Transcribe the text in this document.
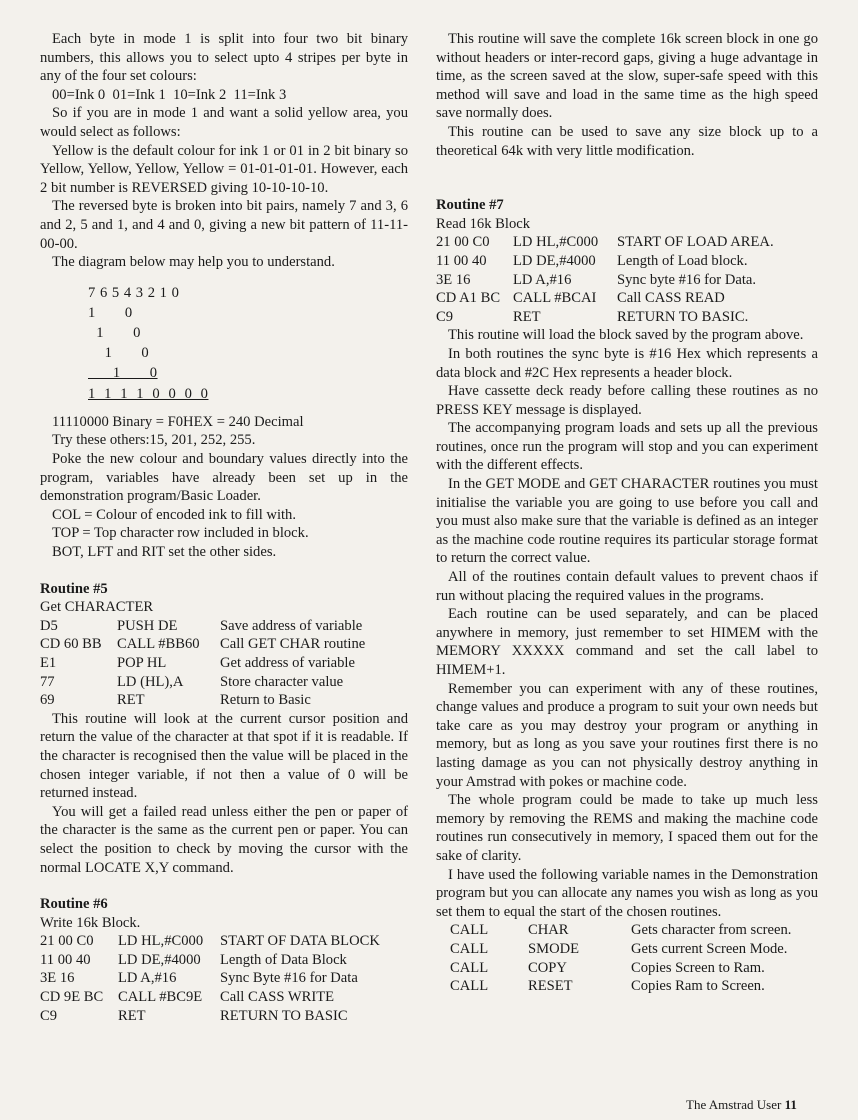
Each byte in mode 1 is split into four two bit binary numbers, this allows you to select upto 4 stripes per byte in any of the four set colours:

00=Ink 0  01=Ink 1  10=Ink 2  11=Ink 3

So if you are in mode 1 and want a solid yellow area, you would select as follows:

Yellow is the default colour for ink 1 or 01 in 2 bit binary so Yellow, Yellow, Yellow, Yellow = 01-01-01-01. However, each 2 bit number is REVERSED giving 10-10-10-10.

The reversed byte is broken into bit pairs, namely 7 and 3, 6 and 2, 5 and 1, and 4 and 0, giving a new bit pattern of 11-11-00-00.

The diagram below may help you to understand.

7 6 5 4 3 2 1 0
1       0
1       0
1       0
1       0
1  1  1  1  0  0  0  0

11110000 Binary = F0HEX = 240 Decimal

Try these others:15, 201, 252, 255.

Poke the new colour and boundary values directly into the program, variables have already been set up in the demonstration program/Basic Loader.

COL = Colour of encoded ink to fill with.

TOP = Top character row included in block.

BOT, LFT and RIT set the other sides.

Routine #5
Get CHARACTER
D5	PUSH DE	Save address of variable
CD 60 BB	CALL #BB60	Call GET CHAR routine
E1	POP HL	Get address of variable
77	LD (HL),A	Store character value
69	RET	Return to Basic

This routine will look at the current cursor position and return the value of the character at that spot if it is readable. If the character is recognised then the value will be placed in the chosen integer variable, if not then a value of 0 will be returned instead.

You will get a failed read unless either the pen or paper of the character is the same as the current pen or paper. You can select the position to check by moving the cursor with the normal LOCATE X,Y command.

Routine #6
Write 16k Block.
21 00 C0	LD HL,#C000	START OF DATA BLOCK
11 00 40	LD DE,#4000	Length of Data Block
3E 16	LD A,#16	Sync Byte #16 for Data
CD 9E BC	CALL #BC9E	Call CASS WRITE
C9	RET	RETURN TO BASIC

This routine will save the complete 16k screen block in one go without headers or inter-record gaps, giving a huge advantage in time, as the screen saved at the slow, super-safe speed with this method will save and load in the same time as the high speed save normally does.

This routine can be used to save any size block up to a theoretical 64k with very little modification.

Routine #7
Read 16k Block
21 00 C0	LD HL,#C000	START OF LOAD AREA.
11 00 40	LD DE,#4000	Length of Load block.
3E 16	LD A,#16	Sync byte #16 for Data.
CD A1 BC	CALL #BCAI	Call CASS READ
C9	RET	RETURN TO BASIC.

This routine will load the block saved by the program above.

In both routines the sync byte is #16 Hex which represents a data block and #2C Hex represents a header block.

Have cassette deck ready before calling these routines as no PRESS KEY message is displayed.

The accompanying program loads and sets up all the previous routines, once run the program will stop and you can experiment with the different effects.

In the GET MODE and GET CHARACTER routines you must initialise the variable you are going to use before you call and you must also make sure that the variable is defined as an integer as the machine code routine requires its particular storage format to return the correct value.

All of the routines contain default values to prevent chaos if run without placing the required values in the programs.

Each routine can be used separately, and can be placed anywhere in memory, just remember to set HIMEM with the MEMORY XXXXX command and set the call label to HIMEM+1.

Remember you can experiment with any of these routines, change values and produce a program to suit your own needs but take care as you may destroy your program or anything in memory, but as long as you save your routines first there is no lasting damage as you can not physically destroy anything in your Amstrad with pokes or machine code.

The whole program could be made to take up much less memory by removing the REMS and making the machine code routines run consecutively in memory, I spaced them out for the sake of clarity.

I have used the following variable names in the Demonstration program but you can allocate any names you wish as long as you set them to equal the start of the chosen routines.

CALL	CHAR	Gets character from screen.
CALL	SMODE	Gets current Screen Mode.
CALL	COPY	Copies Screen to Ram.
CALL	RESET	Copies Ram to Screen.
The Amstrad User 11
